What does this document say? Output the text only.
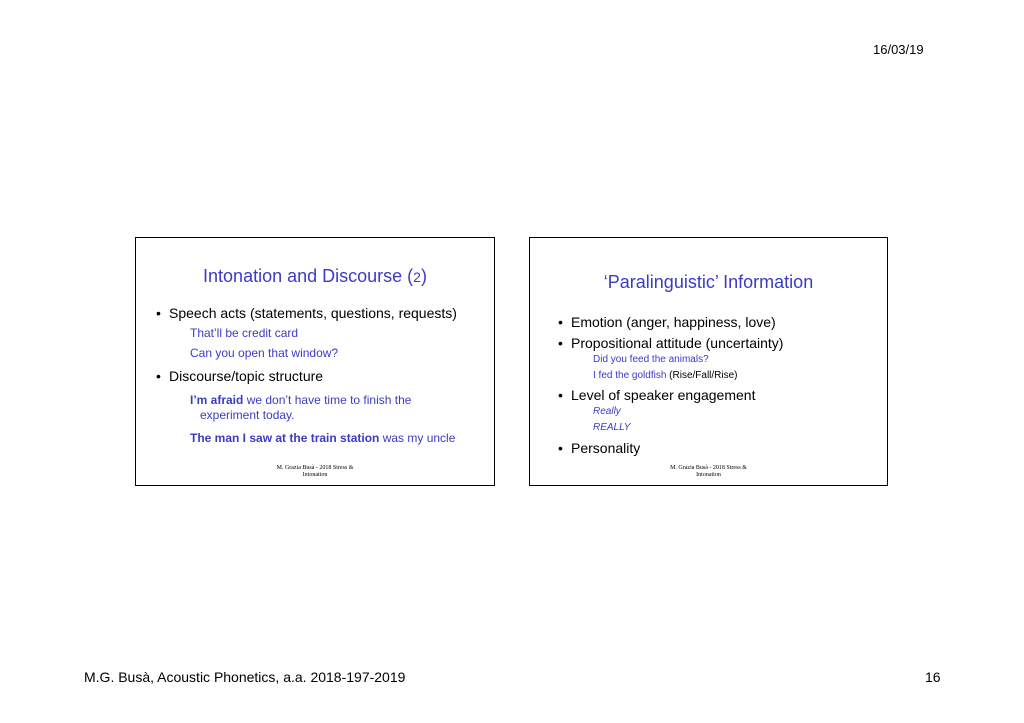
16/03/19
Intonation and Discourse (2)
• Speech acts (statements, questions, requests)
That’ll be credit card
Can you open that window?
• Discourse/topic structure
I’m afraid we don’t have time to finish the
experiment today.
The man I saw at the train station was my uncle
M. Grazia Busà - 2018 Stress &
Intonation
‘Paralinguistic’ Information
• Emotion (anger, happiness, love)
• Propositional attitude (uncertainty)
Did you feed the animals?
I fed the goldfish (Rise/Fall/Rise)
• Level of speaker engagement
Really
REALLY
• Personality
M. Grazia Busà - 2018 Stress &
Intonation
M.G. Busà, Acoustic Phonetics, a.a. 2018-197-2019	16
